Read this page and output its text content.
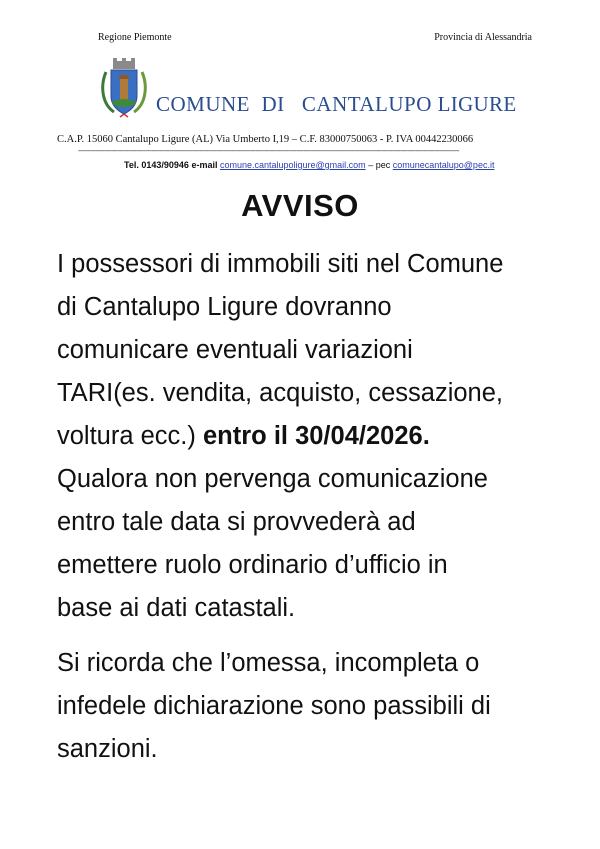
Regione Piemonte	Provincia di Alessandria
COMUNE  DI   CANTALUPO LIGURE
C.A.P. 15060 Cantalupo Ligure (AL) Via Umberto I,19 – C.F. 83000750063 - P. IVA 00442230066
--------------------------------------------------------------------------------------------------------------------------------------------------------------------------------
Tel. 0143/90946 e-mail comune.cantalupoligure@gmail.com – pec comunecantalupo@pec.it
AVVISO

I possessori di immobili siti nel Comune
di Cantalupo Ligure dovranno
comunicare eventuali variazioni
TARI(es. vendita, acquisto, cessazione,
voltura ecc.) entro il 30/04/2026.
Qualora non pervenga comunicazione
entro tale data si provvederà ad
emettere ruolo ordinario d’ufficio in
base ai dati catastali.

Si ricorda che l’omessa, incompleta o
infedele dichiarazione sono passibili di
sanzioni.
